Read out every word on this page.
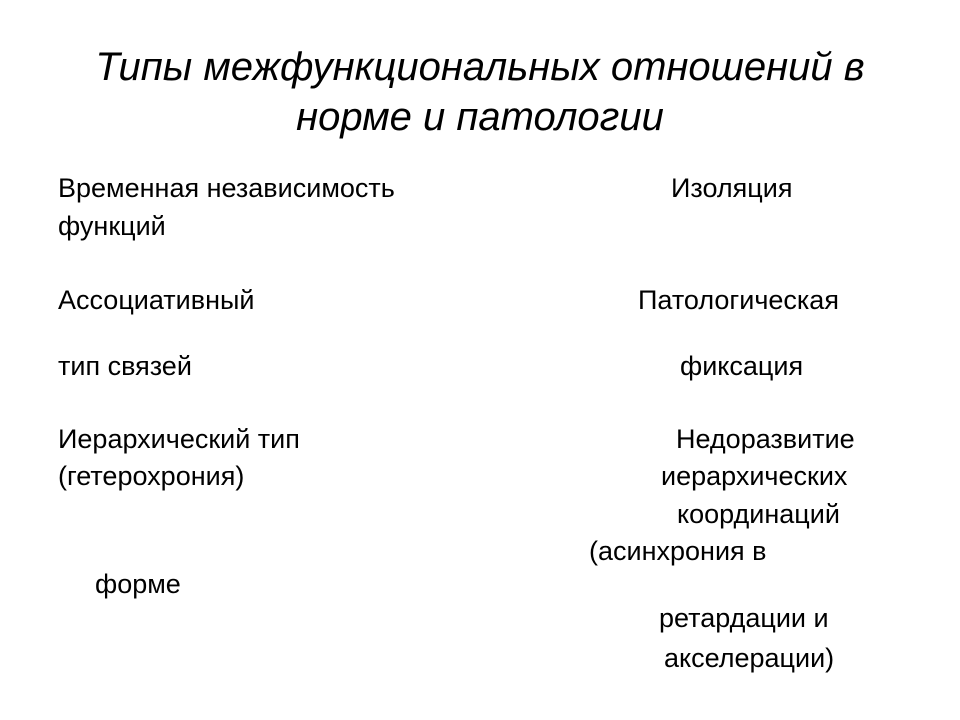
Типы межфункциональных отношений в
норме и патологии
Временная независимость
функций
Ассоциативный
тип связей
Иерархический тип
(гетерохрония)
форме
Изоляция
Патологическая
фиксация
Недоразвитие
иерархических
координаций
(асинхрония в
ретардации и
акселерации)
